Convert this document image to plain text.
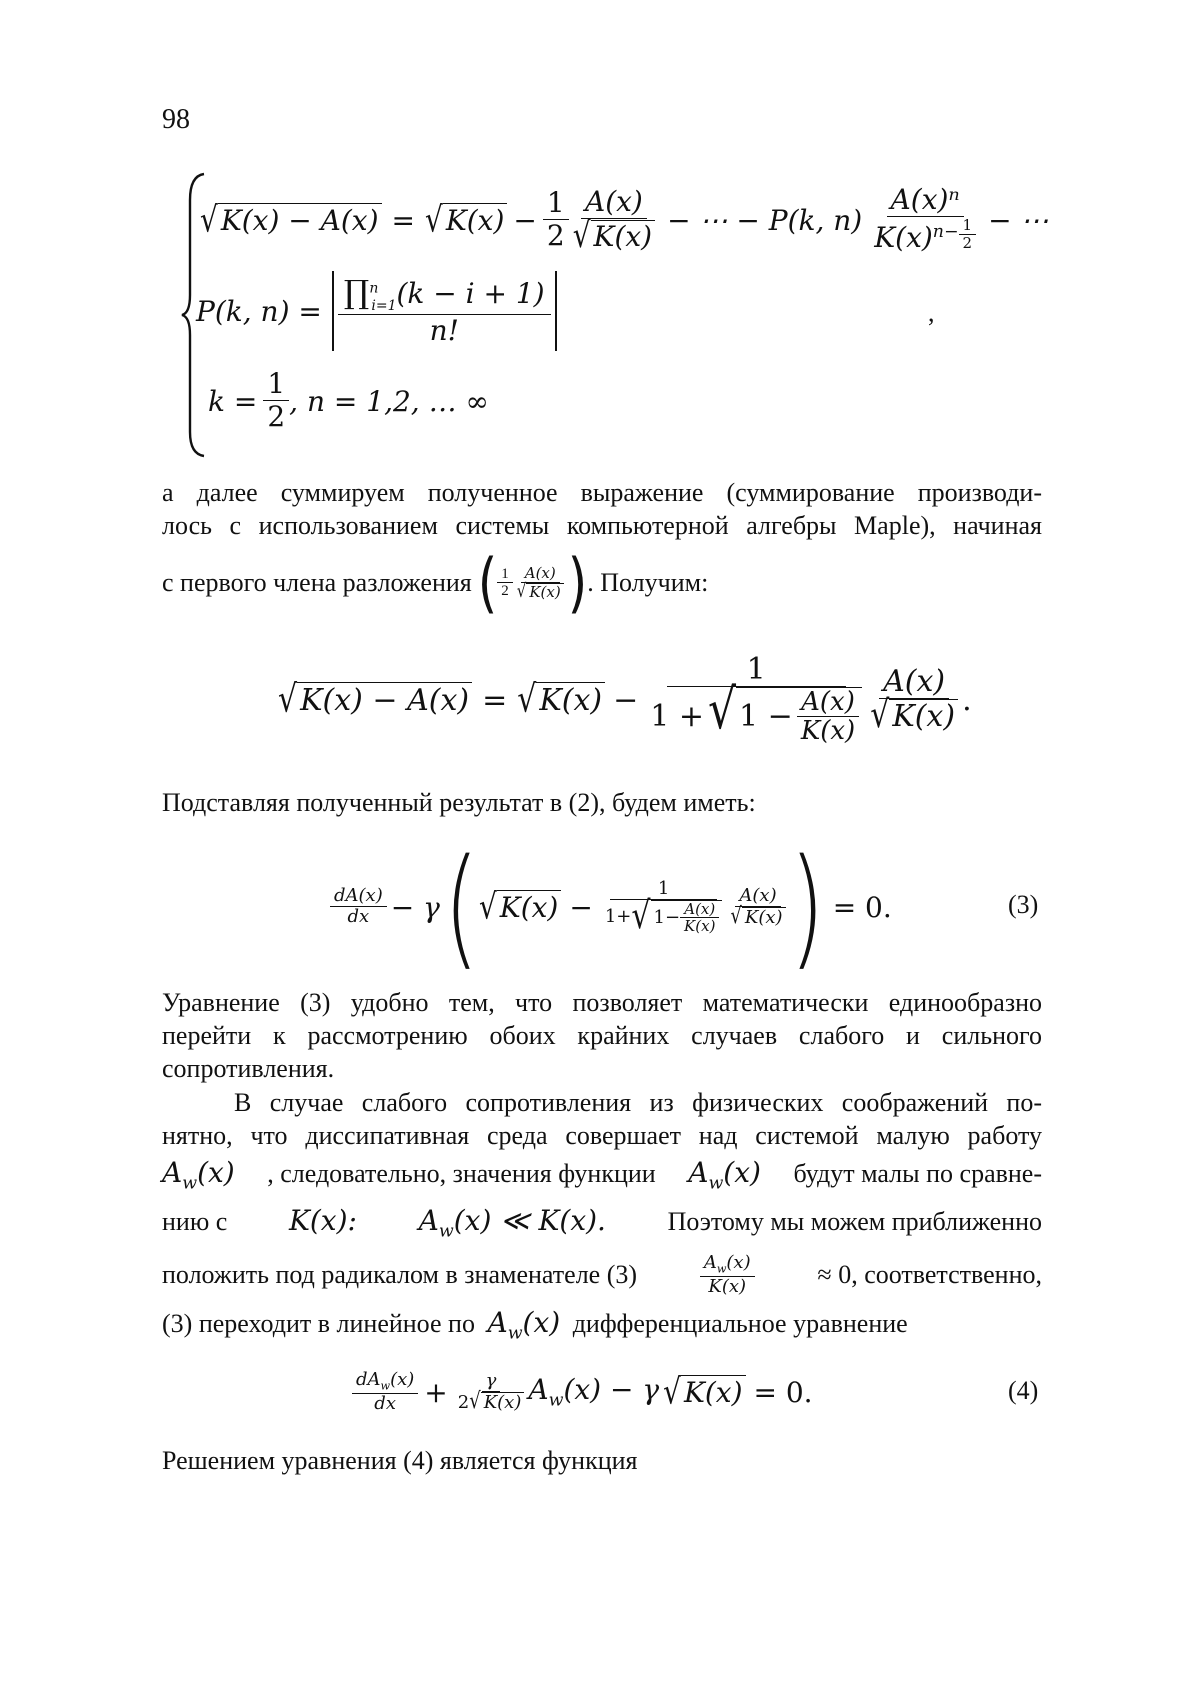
98
√ K(x) − A(x) = √ $K(x) - \frac{1}{2} \frac{A(x)}{√ K(x)}$ − ⋯ − P(k, n) A(x)ⁿ
$K(x)^{n- \frac{1}{2}}$ − ⋯
P(k, $n) = \frac{\prod^n_{i=1}(k - i + 1)}{n!}$	,
$k = \frac{1}{2}$ , n = 1,2, … ∞
а далее суммируем полученное выражение (суммирование производи-
лось с использованием системы компьютерной алгебры Maple), начиная
с первого члена разложения ( $\frac{1}{2} \frac{A(x)}{√ K(x)}$ ) . Получим:
√ K(x) − A(x) = √ $K(x) - \frac{1}{1 + √ 1 - \frac{A(x)}{K(x)}} \frac{A(x)}{√ K(x)}$ .
Подставляя полученный результат в (2), будем иметь:
$\frac{dA(x)}{dx} - \gamma$ ( √ $K(x) - \frac{1}{1+ √ 1- \frac{A(x)}{K(x)}} \frac{A(x)}{√ K(x)}$ ) = 0.	(3)
Уравнение (3) удобно тем, что позволяет математически единообразно
перейти к рассмотрению обоих крайних случаев слабого и сильного
сопротивления.
В случае слабого сопротивления из физических соображений по-
нятно, что диссипативная среда совершает над системой малую работу
$A_w(x)$ , следовательно, значения функции $A_w(x)$ будут малы по сравне-
нию с K(x): $A_w(x)$ ≪ K(x). Поэтому мы можем приближенно
положить под радикалом в знаменателе (3)	$\frac{A_w(x)}{K(x)} \approx 0$, соответственно,
(3) переходит в линейное по $A_w(x)$ дифференциальное уравнение
$\frac{dA_w(x)}{dx} + \frac{\gamma}{2 √ K(x)} A_w(x) - \gamma$ √ K(x) = 0.	(4)
Решением уравнения (4) является функция
